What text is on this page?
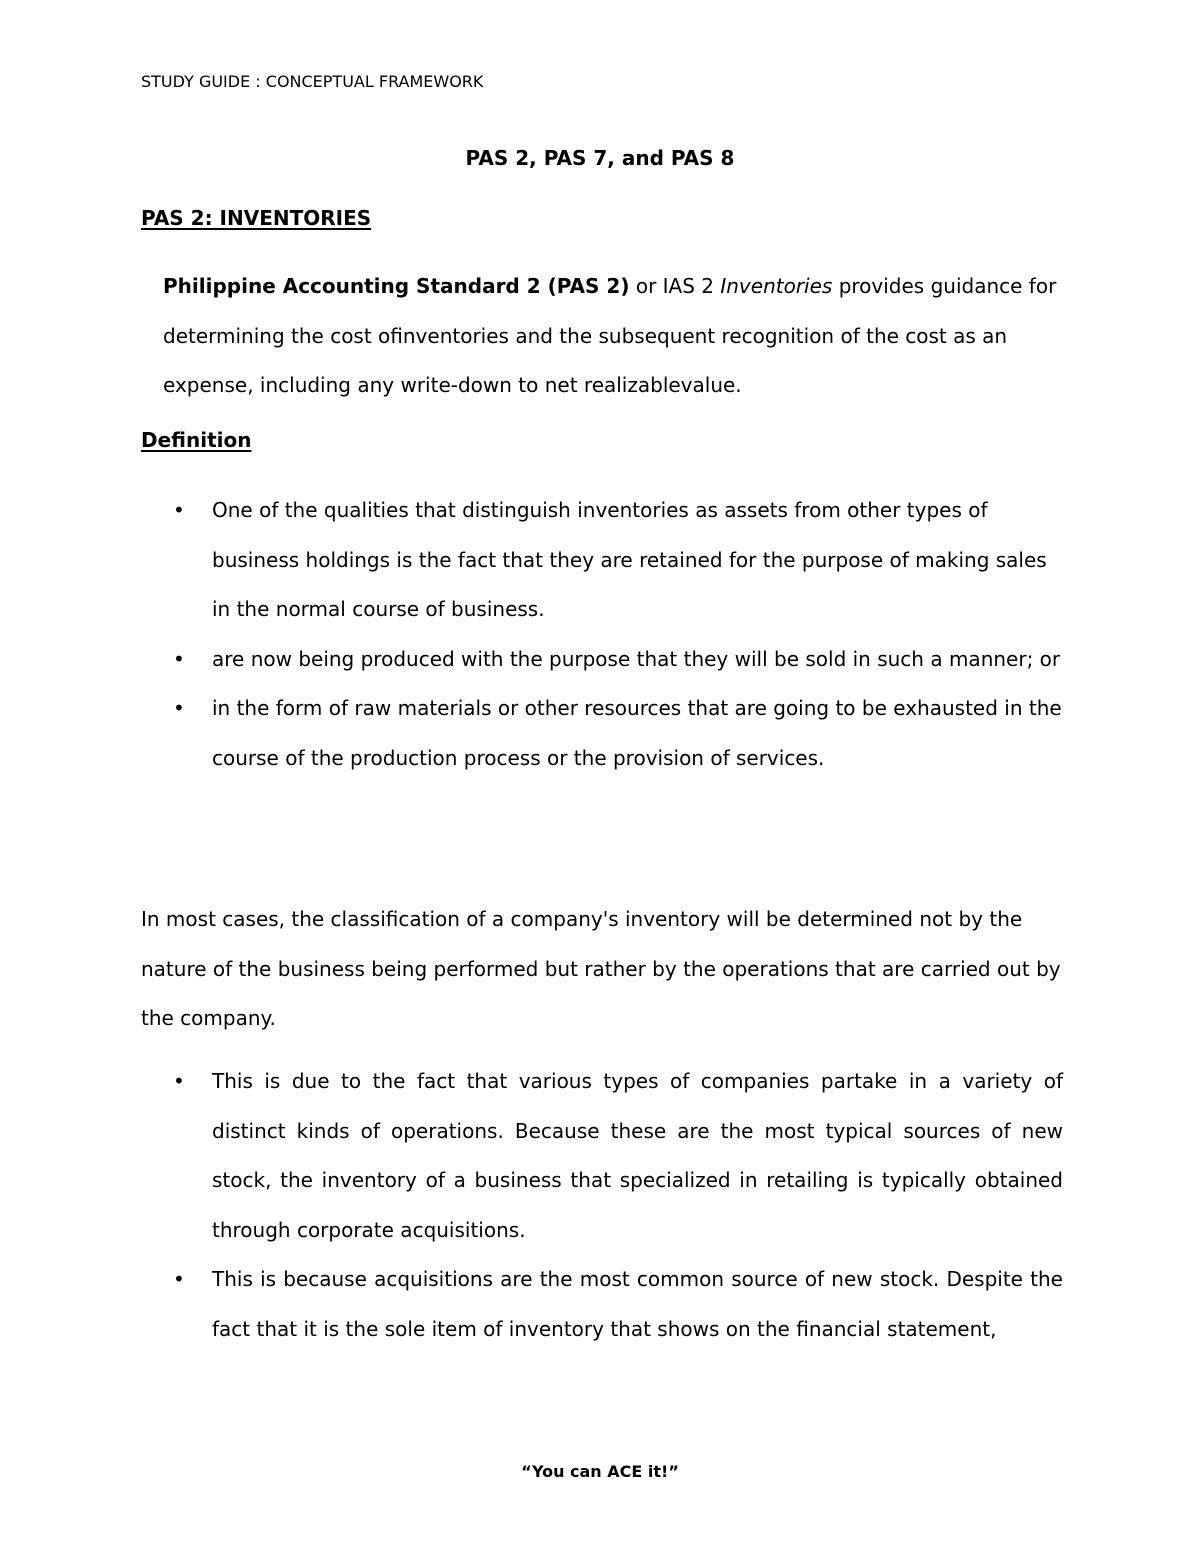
STUDY GUIDE : CONCEPTUAL FRAMEWORK
PAS 2, PAS 7, and PAS 8
PAS 2: INVENTORIES
Philippine Accounting Standard 2 (PAS 2) or IAS 2 Inventories provides guidance for determining the cost ofinventories and the subsequent recognition of the cost as an expense, including any write-down to net realizablevalue.
Definition
• One of the qualities that distinguish inventories as assets from other types of business holdings is the fact that they are retained for the purpose of making sales in the normal course of business.
• are now being produced with the purpose that they will be sold in such a manner; or
• in the form of raw materials or other resources that are going to be exhausted in the course of the production process or the provision of services.
In most cases, the classification of a company's inventory will be determined not by the nature of the business being performed but rather by the operations that are carried out by the company.
• This is due to the fact that various types of companies partake in a variety of distinct kinds of operations. Because these are the most typical sources of new stock, the inventory of a business that specialized in retailing is typically obtained through corporate acquisitions.
• This is because acquisitions are the most common source of new stock. Despite the fact that it is the sole item of inventory that shows on the financial statement,
“You can ACE it!”
